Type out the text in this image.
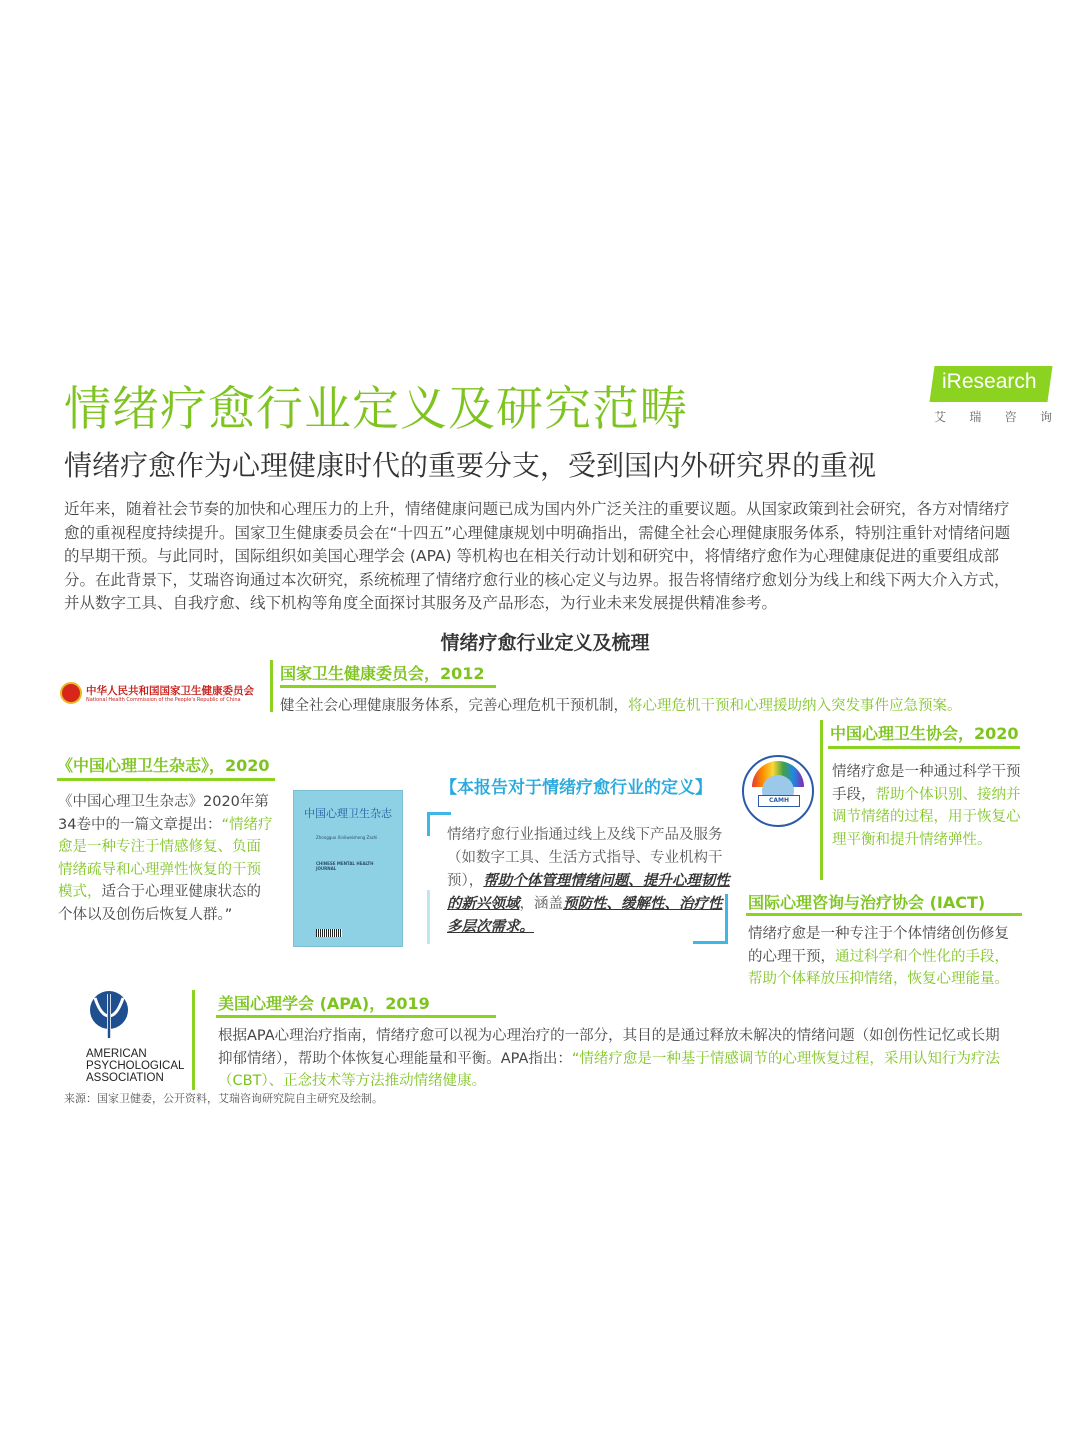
iResearch
艾 瑞 咨 询
情绪疗愈行业定义及研究范畴
情绪疗愈作为心理健康时代的重要分支，受到国内外研究界的重视

近年来，随着社会节奏的加快和心理压力的上升，情绪健康问题已成为国内外广泛关注的重要议题。从国家政策到社会研究，各方对情绪疗愈的重视程度持续提升。国家卫生健康委员会在“十四五”心理健康规划中明确指出，需健全社会心理健康服务体系，特别注重针对情绪问题的早期干预。与此同时，国际组织如美国心理学会 (APA) 等机构也在相关行动计划和研究中，将情绪疗愈作为心理健康促进的重要组成部分。在此背景下，艾瑞咨询通过本次研究，系统梳理了情绪疗愈行业的核心定义与边界。报告将情绪疗愈划分为线上和线下两大介入方式，并从数字工具、自我疗愈、线下机构等角度全面探讨其服务及产品形态，为行业未来发展提供精准参考。

情绪疗愈行业定义及梳理
中华人民共和国国家卫生健康委员会
National Health Commission of the People's Republic of China
国家卫生健康委员会，2012

健全社会心理健康服务体系，完善心理危机干预机制，将心理危机干预和心理援助纳入突发事件应急预案。

《中国心理卫生杂志》，2020

《中国心理卫生杂志》2020年第34卷中的一篇文章提出：“情绪疗愈是一种专注于情感修复、负面情绪疏导和心理弹性恢复的干预模式，适合于心理亚健康状态的个体以及创伤后恢复人群。”

中国心理卫生杂志
Zhongguo Xinliweisheng Zazhi
CHINESE MENTAL HEALTH JOURNAL
【本报告对于情绪疗愈行业的定义】

情绪疗愈行业指通过线上及线下产品及服务（如数字工具、生活方式指导、专业机构干预），帮助个体管理情绪问题、提升心理韧性的新兴领域，涵盖预防性、缓解性、治疗性多层次需求。

CAMH
中国心理卫生协会，2020

情绪疗愈是一种通过科学干预手段，帮助个体识别、接纳并调节情绪的过程，用于恢复心理平衡和提升情绪弹性。

国际心理咨询与治疗协会 (IACT)

情绪疗愈是一种专注于个体情绪创伤修复的心理干预，通过科学和个性化的手段，帮助个体释放压抑情绪，恢复心理能量。

AMERICAN
PSYCHOLOGICAL
ASSOCIATION
美国心理学会 (APA)，2019

根据APA心理治疗指南，情绪疗愈可以视为心理治疗的一部分，其目的是通过释放未解决的情绪问题（如创伤性记忆或长期抑郁情绪），帮助个体恢复心理能量和平衡。APA指出：“情绪疗愈是一种基于情感调节的心理恢复过程，采用认知行为疗法（CBT）、正念技术等方法推动情绪健康。

来源：国家卫健委，公开资料，艾瑞咨询研究院自主研究及绘制。
